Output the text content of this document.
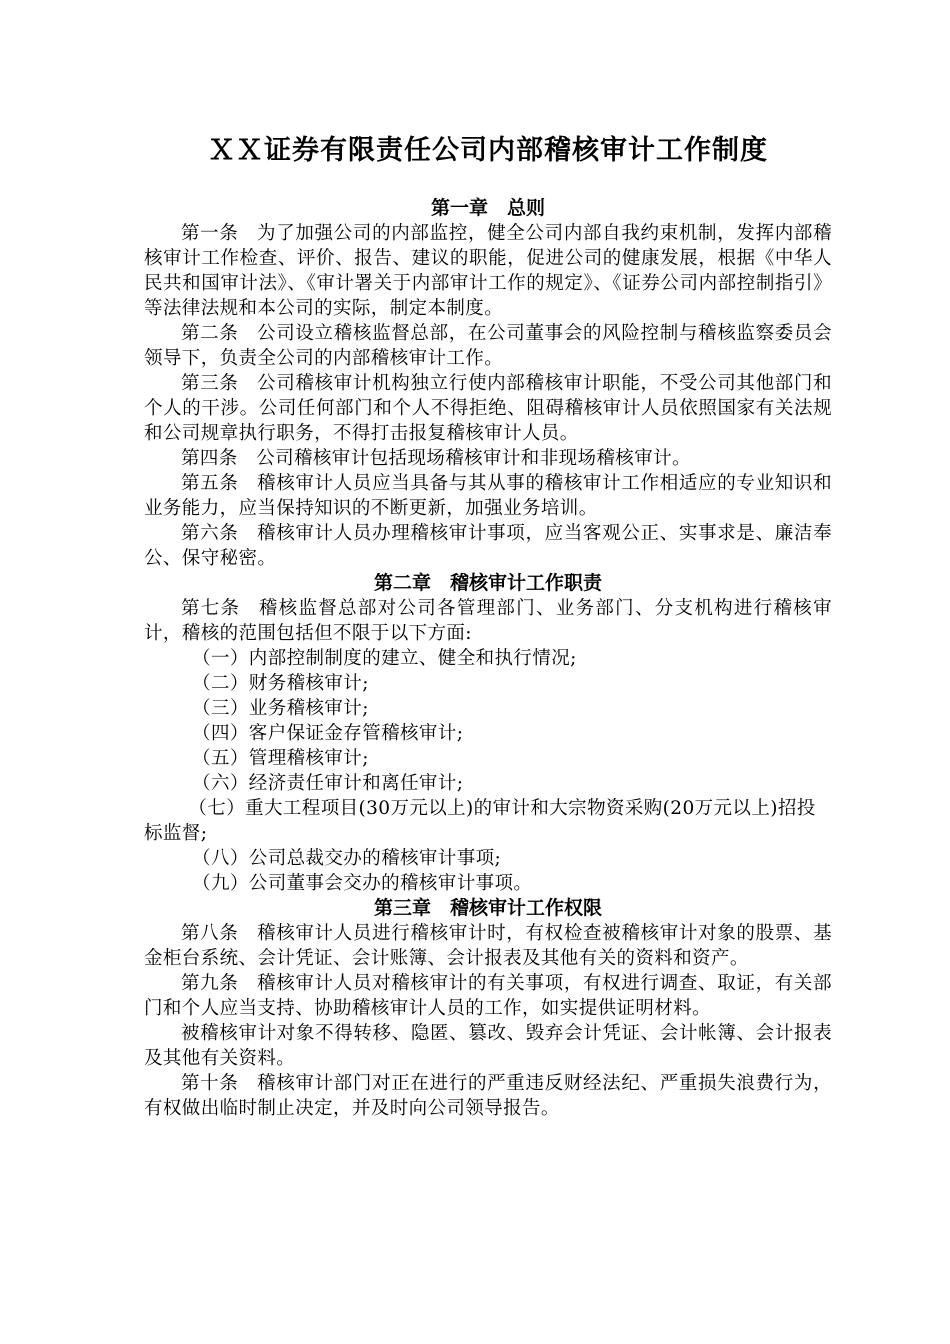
ＸＸ证券有限责任公司内部稽核审计工作制度
第一章　总则

第一条 为了加强公司的内部监控，健全公司内部自我约束机制，发挥内部稽核审计工作检查、评价、报告、建议的职能，促进公司的健康发展，根据《中华人民共和国审计法》、《审计署关于内部审计工作的规定》、《证券公司内部控制指引》等法律法规和本公司的实际，制定本制度。

第二条 公司设立稽核监督总部，在公司董事会的风险控制与稽核监察委员会领导下，负责全公司的内部稽核审计工作。

第三条 公司稽核审计机构独立行使内部稽核审计职能，不受公司其他部门和个人的干涉。公司任何部门和个人不得拒绝、阻碍稽核审计人员依照国家有关法规和公司规章执行职务，不得打击报复稽核审计人员。

第四条 公司稽核审计包括现场稽核审计和非现场稽核审计。

第五条 稽核审计人员应当具备与其从事的稽核审计工作相适应的专业知识和业务能力，应当保持知识的不断更新，加强业务培训。

第六条 稽核审计人员办理稽核审计事项，应当客观公正、实事求是、廉洁奉公、保守秘密。

第二章　稽核审计工作职责

第七条 稽核监督总部对公司各管理部门、业务部门、分支机构进行稽核审计，稽核的范围包括但不限于以下方面:

（一）内部控制制度的建立、健全和执行情况;

（二）财务稽核审计;

（三）业务稽核审计;

（四）客户保证金存管稽核审计;

（五）管理稽核审计;

（六）经济责任审计和离任审计;

（七）重大工程项目(30万元以上)的审计和大宗物资采购(20万元以上)招投标监督;

（八）公司总裁交办的稽核审计事项;

（九）公司董事会交办的稽核审计事项。

第三章　稽核审计工作权限

第八条 稽核审计人员进行稽核审计时，有权检查被稽核审计对象的股票、基金柜台系统、会计凭证、会计账簿、会计报表及其他有关的资料和资产。

第九条 稽核审计人员对稽核审计的有关事项，有权进行调查、取证，有关部门和个人应当支持、协助稽核审计人员的工作，如实提供证明材料。

被稽核审计对象不得转移、隐匿、篡改、毁弃会计凭证、会计帐簿、会计报表及其他有关资料。

第十条 稽核审计部门对正在进行的严重违反财经法纪、严重损失浪费行为，有权做出临时制止决定，并及时向公司领导报告。
